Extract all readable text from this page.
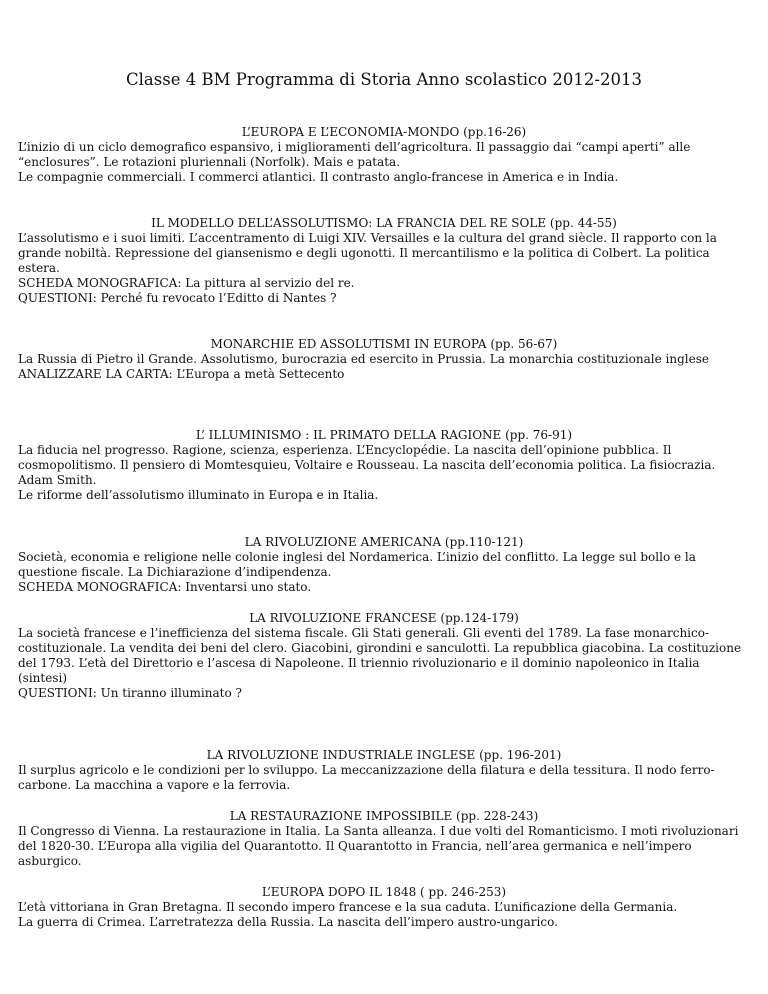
Classe 4 BM Programma di Storia Anno scolastico 2012-2013
L’EUROPA E L’ECONOMIA-MONDO (pp.16-26)
L’inizio di un ciclo demografico espansivo, i miglioramenti dell’agricoltura. Il passaggio dai “campi aperti” alle “enclosures”. Le rotazioni pluriennali (Norfolk). Mais e patata.
Le compagnie commerciali. I commerci atlantici. Il contrasto anglo-francese in America e in India.
IL MODELLO DELL’ASSOLUTISMO: LA FRANCIA DEL RE SOLE (pp. 44-55)
L’assolutismo e i suoi limiti. L’accentramento di Luigi XIV. Versailles e la cultura del grand siècle. Il rapporto con la grande nobiltà. Repressione del giansenismo e degli ugonotti. Il mercantilismo e la politica di Colbert. La politica estera.
SCHEDA MONOGRAFICA: La pittura al servizio del re.
QUESTIONI: Perché fu revocato l’Editto di Nantes ?
MONARCHIE ED ASSOLUTISMI IN EUROPA (pp. 56-67)
La Russia di Pietro il Grande. Assolutismo, burocrazia ed esercito in Prussia. La monarchia costituzionale inglese
ANALIZZARE LA CARTA: L’Europa a metà Settecento
L’ ILLUMINISMO : IL PRIMATO DELLA RAGIONE (pp. 76-91)
La fiducia nel progresso. Ragione, scienza, esperienza. L’Encyclopédie. La nascita dell’opinione pubblica. Il cosmopolitismo. Il pensiero di Momtesquieu, Voltaire e Rousseau. La nascita dell’economia politica. La fisiocrazia. Adam Smith.
Le riforme dell’assolutismo illuminato in Europa e in Italia.
LA RIVOLUZIONE AMERICANA (pp.110-121)
Società, economia e religione nelle colonie inglesi del Nordamerica. L’inizio del conflitto. La legge sul bollo e la questione fiscale. La Dichiarazione d’indipendenza.
SCHEDA MONOGRAFICA: Inventarsi uno stato.
LA RIVOLUZIONE FRANCESE (pp.124-179)
La società francese e l’inefficienza del sistema fiscale. Gli Stati generali. Gli eventi del 1789. La fase monarchico-costituzionale. La vendita dei beni del clero. Giacobini, girondini e sanculotti. La repubblica giacobina. La costituzione del 1793. L’età del Direttorio e l’ascesa di Napoleone. Il triennio rivoluzionario e il dominio napoleonico in Italia (sintesi)
QUESTIONI: Un tiranno illuminato ?
LA RIVOLUZIONE INDUSTRIALE INGLESE (pp. 196-201)
Il surplus agricolo e le condizioni per lo sviluppo. La meccanizzazione della filatura e della tessitura. Il nodo ferro-carbone. La macchina a vapore e la ferrovia.
LA RESTAURAZIONE IMPOSSIBILE (pp. 228-243)
Il Congresso di Vienna. La restaurazione in Italia. La Santa alleanza. I due volti del Romanticismo. I moti rivoluzionari del 1820-30. L’Europa alla vigilia del Quarantotto. Il Quarantotto in Francia, nell’area germanica e nell’impero asburgico.
L’EUROPA DOPO IL 1848 ( pp. 246-253)
L’età vittoriana in Gran Bretagna. Il secondo impero francese e la sua caduta. L’unificazione della Germania.
La guerra di Crimea. L’arretratezza della Russia. La nascita dell’impero austro-ungarico.
